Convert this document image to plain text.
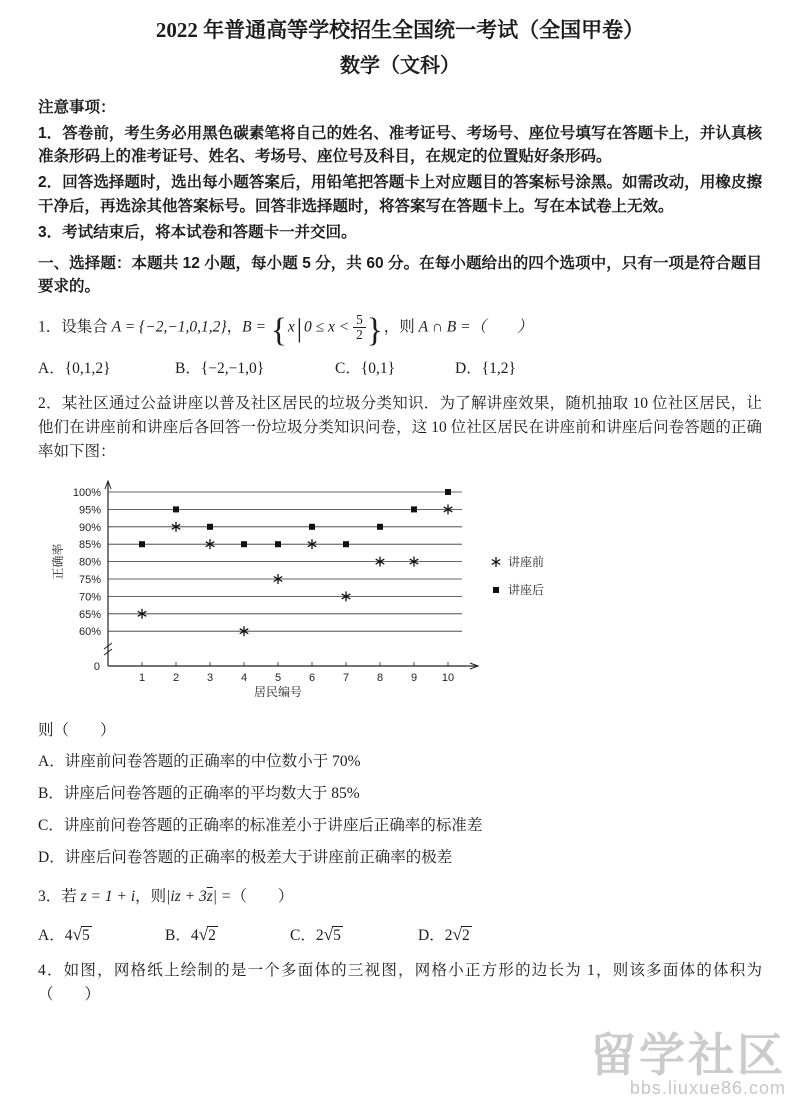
2022 年普通高等学校招生全国统一考试（全国甲卷）
数学（文科）

注意事项：

1．答卷前，考生务必用黑色碳素笔将自己的姓名、准考证号、考场号、座位号填写在答题卡上，并认真核准条形码上的准考证号、姓名、考场号、座位号及科目，在规定的位置贴好条形码。

2．回答选择题时，选出每小题答案后，用铅笔把答题卡上对应题目的答案标号涂黑。如需改动，用橡皮擦干净后，再选涂其他答案标号。回答非选择题时，将答案写在答题卡上。写在本试卷上无效。

3．考试结束后，将本试卷和答题卡一并交回。

一、选择题：本题共 12 小题，每小题 5 分，共 60 分。在每小题给出的四个选项中，只有一项是符合题目要求的。

1．设集合 A = {−2,−1,0,1,2}，B = {x| $0 \le x < \frac{5}{2}$ }，则 A ∩ B =（　　）

A．{0,1,2}	B．{−2,−1,0}	C．{0,1}	D．{1,2}

2．某社区通过公益讲座以普及社区居民的垃圾分类知识．为了解讲座效果，随机抽取 10 位社区居民，让他们在讲座前和讲座后各回答一份垃圾分类知识问卷，这 10 位社区居民在讲座前和讲座后问卷答题的正确率如下图：

100%
95%
90%
85%
80%
75%
70%
65%
60%
0
1	2	3	4	5	6	7	8	9 10
居民编号
正确率	讲座前
讲座后

则（　　）

A．讲座前问卷答题的正确率的中位数小于 70%

B．讲座后问卷答题的正确率的平均数大于 85%

C．讲座前问卷答题的正确率的标准差小于讲座后正确率的标准差

D．讲座后问卷答题的正确率的极差大于讲座前正确率的极差

3．若 z = 1 + i，则$|iz + 3\overline{z}|$ =（　　）

A．4√5	B．4√2	C．2√5	D．2√2

4．如图，网格纸上绘制的是一个多面体的三视图，网格小正方形的边长为 1，则该多面体的体积为（　　）

留学社区
bbs.liuxue86.com
